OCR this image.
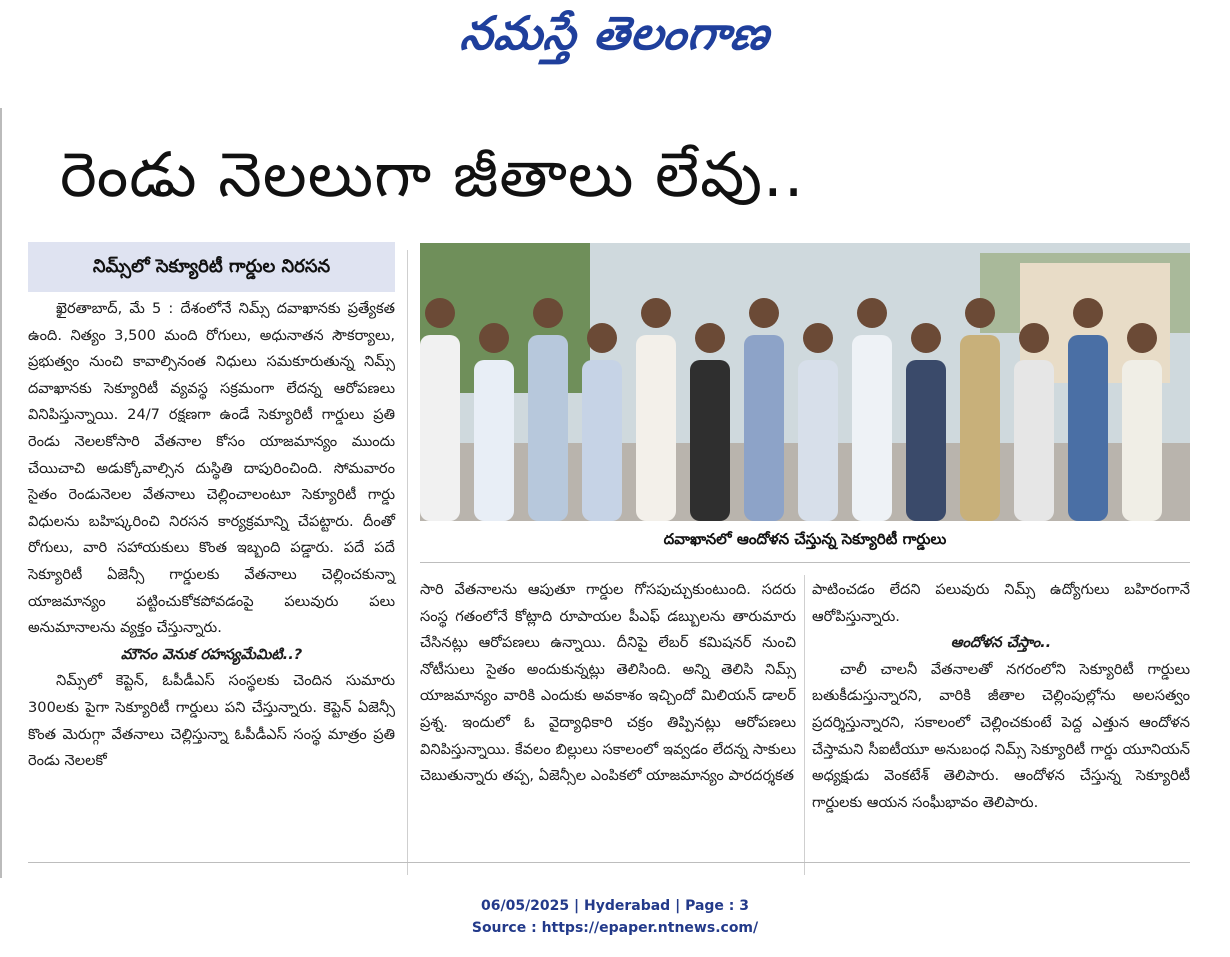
నమస్తే తెలంగాణ
రెండు నెలలుగా జీతాలు లేవు..
నిమ్స్‌లో సెక్యూరిటీ గార్డుల నిరసన

ఖైరతాబాద్, మే 5 : దేశంలోనే నిమ్స్ దవాఖానకు ప్రత్యేకత ఉంది. నిత్యం 3,500 మంది రోగులు, అధునాతన సౌకర్యాలు, ప్రభుత్వం నుంచి కావాల్సినంత నిధులు సమకూరుతున్న నిమ్స్ దవాఖానకు సెక్యూరిటీ వ్యవస్థ సక్రమంగా లేదన్న ఆరోపణలు వినిపిస్తున్నాయి. 24/7 రక్షణగా ఉండే సెక్యూరిటీ గార్డులు ప్రతి రెండు నెలలకోసారి వేతనాల కోసం యాజమాన్యం ముందు చేయిచాచి అడుక్కోవాల్సిన దుస్థితి దాపురించింది. సోమవారం సైతం రెండునెలల వేతనాలు చెల్లించాలంటూ సెక్యూరిటీ గార్డు విధులను బహిష్కరించి నిరసన కార్యక్రమాన్ని చేపట్టారు. దీంతో రోగులు, వారి సహాయకులు కొంత ఇబ్బంది పడ్డారు. పదే పదే సెక్యూరిటీ ఏజెన్సీ గార్డులకు వేతనాలు చెల్లించకున్నా యాజమాన్యం పట్టించుకోకపోవడంపై పలువురు పలు అనుమానాలను వ్యక్తం చేస్తున్నారు.

మౌనం వెనుక రహస్యమేమిటి..?

నిమ్స్‌లో కెప్టెన్, ఓపీడీఎస్ సంస్థలకు చెందిన సుమారు 300లకు పైగా సెక్యూరిటీ గార్డులు పని చేస్తున్నారు. కెప్టెన్ ఏజెన్సీ కొంత మెరుగ్గా వేతనాలు చెల్లిస్తున్నా ఓపీడీఎస్ సంస్థ మాత్రం ప్రతి రెండు నెలలకో

దవాఖానలో ఆందోళన చేస్తున్న సెక్యూరిటీ గార్డులు

సారి వేతనాలను ఆపుతూ గార్డుల గోసపుచ్చుకుంటుంది. సదరు సంస్థ గతంలోనే కోట్లాది రూపాయల పీఎఫ్ డబ్బులను తారుమారు చేసినట్లు ఆరోపణలు ఉన్నాయి. దీనిపై లేబర్ కమిషనర్ నుంచి నోటీసులు సైతం అందుకున్నట్లు తెలిసింది. అన్ని తెలిసి నిమ్స్ యాజమాన్యం వారికి ఎందుకు అవకాశం ఇచ్చిందో మిలియన్ డాలర్ ప్రశ్న. ఇందులో ఓ వైద్యాధికారి చక్రం తిప్పినట్లు ఆరోపణలు వినిపిస్తున్నాయి. కేవలం బిల్లులు సకాలంలో ఇవ్వడం లేదన్న సాకులు చెబుతున్నారు తప్ప, ఏజెన్సీల ఎంపికలో యాజమాన్యం పారదర్శకత

పాటించడం లేదని పలువురు నిమ్స్ ఉద్యోగులు బహిరంగానే ఆరోపిస్తున్నారు.

ఆందోళన చేస్తాం..

చాలీ చాలనీ వేతనాలతో నగరంలోని సెక్యూరిటీ గార్డులు బతుకీడుస్తున్నారని, వారికి జీతాల చెల్లింపుల్లోను అలసత్వం ప్రదర్శిస్తున్నారని, సకాలంలో చెల్లించకుంటే పెద్ద ఎత్తున ఆందోళన చేస్తామని సీఐటీయూ అనుబంధ నిమ్స్ సెక్యూరిటీ గార్డు యూనియన్ అధ్యక్షుడు వెంకటేశ్ తెలిపారు. ఆందోళన చేస్తున్న సెక్యూరిటీ గార్డులకు ఆయన సంఘీభావం తెలిపారు.

06/05/2025 | Hyderabad | Page : 3
Source : https://epaper.ntnews.com/
